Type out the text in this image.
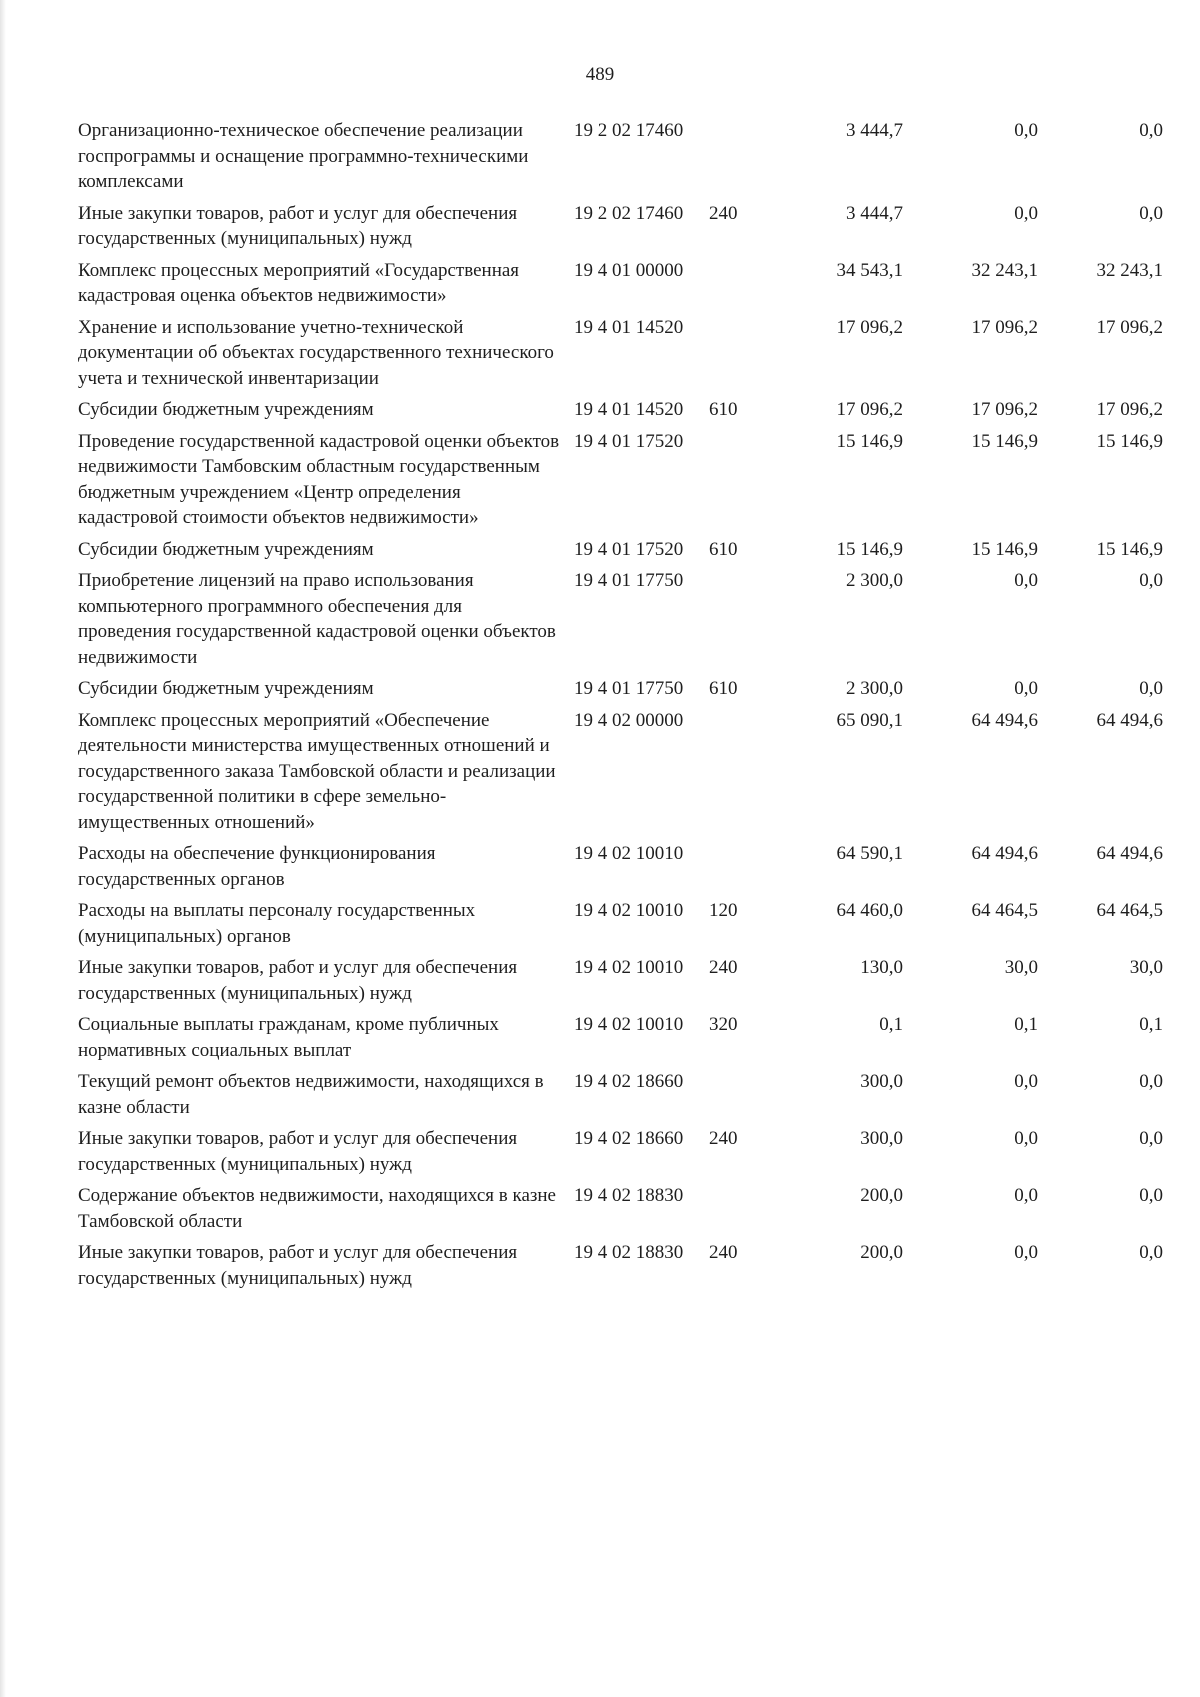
489
Организационно-техническое обеспечение реализации госпрограммы и оснащение программно-техническими комплексами	19 2 02 17460		3 444,7	0,0	0,0
Иные закупки товаров, работ и услуг для обеспечения государственных (муниципальных) нужд	19 2 02 17460	240	3 444,7	0,0	0,0
Комплекс процессных мероприятий «Государственная кадастровая оценка объектов недвижимости»	19 4 01 00000		34 543,1	32 243,1	32 243,1
Хранение и использование учетно-технической документации об объектах государственного технического учета и технической инвентаризации	19 4 01 14520		17 096,2	17 096,2	17 096,2
Субсидии бюджетным учреждениям	19 4 01 14520	610	17 096,2	17 096,2	17 096,2
Проведение государственной кадастровой оценки объектов недвижимости Тамбовским областным государственным бюджетным учреждением «Центр определения кадастровой стоимости объектов недвижимости»	19 4 01 17520		15 146,9	15 146,9	15 146,9
Субсидии бюджетным учреждениям	19 4 01 17520	610	15 146,9	15 146,9	15 146,9
Приобретение лицензий на право использования компьютерного программного обеспечения для проведения государственной кадастровой оценки объектов недвижимости	19 4 01 17750		2 300,0	0,0	0,0
Субсидии бюджетным учреждениям	19 4 01 17750	610	2 300,0	0,0	0,0
Комплекс процессных мероприятий «Обеспечение деятельности министерства имущественных отношений и государственного заказа Тамбовской области и реализации государственной политики в сфере земельно-имущественных отношений»	19 4 02 00000		65 090,1	64 494,6	64 494,6
Расходы на обеспечение функционирования государственных органов	19 4 02 10010		64 590,1	64 494,6	64 494,6
Расходы на выплаты персоналу государственных (муниципальных) органов	19 4 02 10010	120	64 460,0	64 464,5	64 464,5
Иные закупки товаров, работ и услуг для обеспечения государственных (муниципальных) нужд	19 4 02 10010	240	130,0	30,0	30,0
Социальные выплаты гражданам, кроме публичных нормативных социальных выплат	19 4 02 10010	320	0,1	0,1	0,1
Текущий ремонт объектов недвижимости, находящихся в казне области	19 4 02 18660		300,0	0,0	0,0
Иные закупки товаров, работ и услуг для обеспечения государственных (муниципальных) нужд	19 4 02 18660	240	300,0	0,0	0,0
Содержание объектов недвижимости, находящихся в казне Тамбовской области	19 4 02 18830		200,0	0,0	0,0
Иные закупки товаров, работ и услуг для обеспечения государственных (муниципальных) нужд	19 4 02 18830	240	200,0	0,0	0,0
